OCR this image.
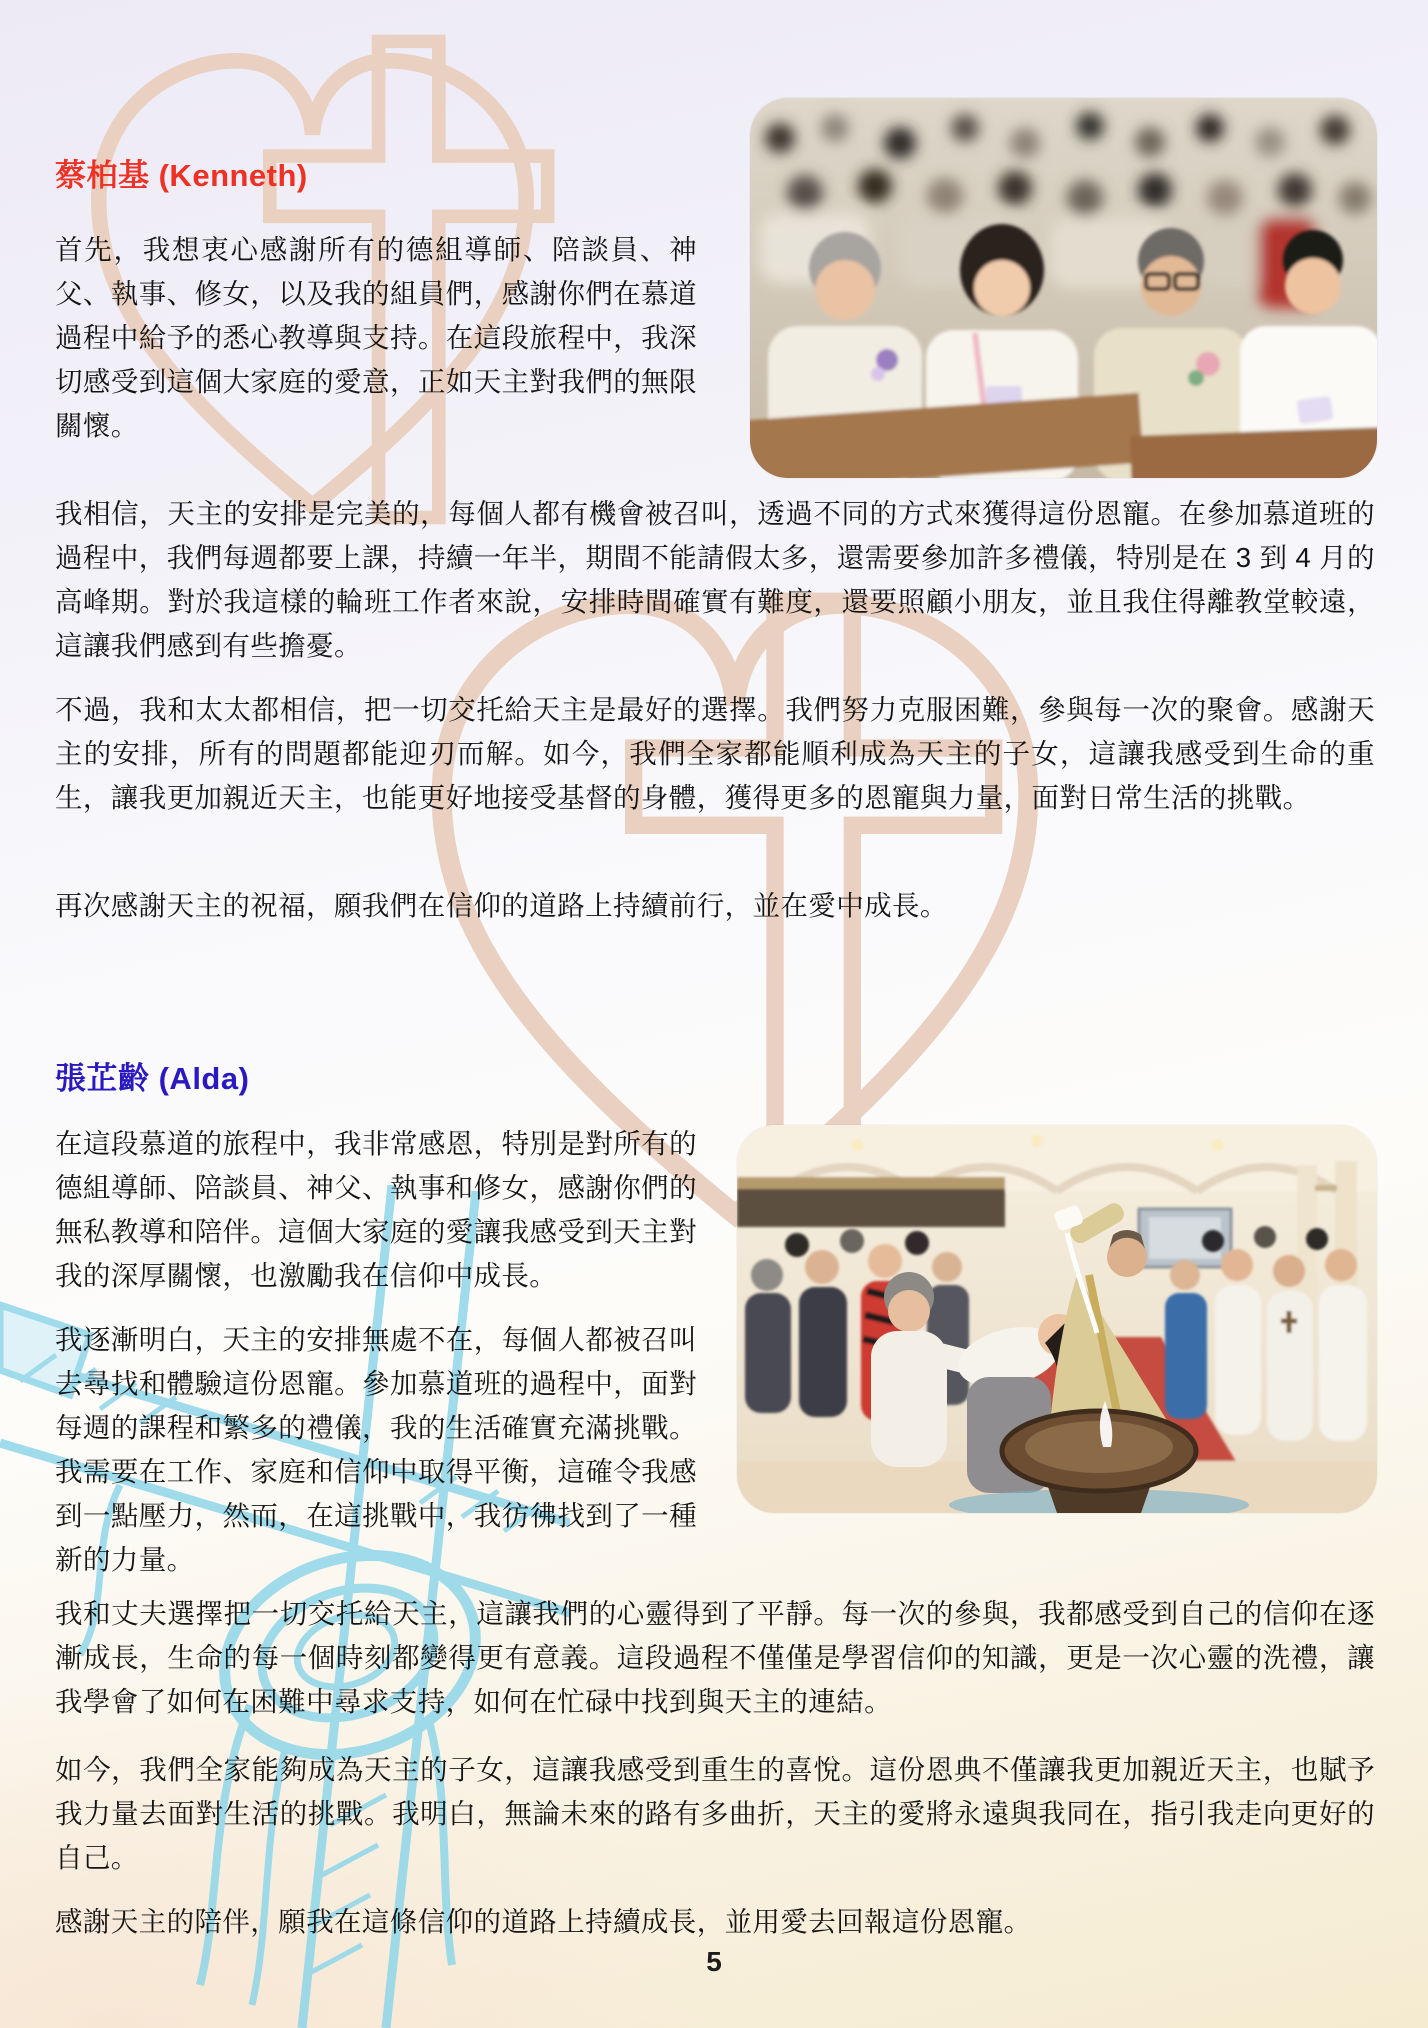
蔡柏基 (Kenneth)

首先，我想衷心感謝所有的德組導師、陪談員、神父、執事、修女，以及我的組員們，感謝你們在慕道過程中給予的悉心教導與支持。在這段旅程中，我深切感受到這個大家庭的愛意，正如天主對我們的無限關懷。

我相信，天主的安排是完美的，每個人都有機會被召叫，透過不同的方式來獲得這份恩寵。在參加慕道班的過程中，我們每週都要上課，持續一年半，期間不能請假太多，還需要參加許多禮儀，特別是在 3 到 4 月的高峰期。對於我這樣的輪班工作者來說，安排時間確實有難度，還要照顧小朋友，並且我住得離教堂較遠，這讓我們感到有些擔憂。

不過，我和太太都相信，把一切交托給天主是最好的選擇。我們努力克服困難，參與每一次的聚會。感謝天主的安排，所有的問題都能迎刃而解。如今，我們全家都能順利成為天主的子女，這讓我感受到生命的重生，讓我更加親近天主，也能更好地接受基督的身體，獲得更多的恩寵與力量，面對日常生活的挑戰。

再次感謝天主的祝福，願我們在信仰的道路上持續前行，並在愛中成長。

張芷齡 (Alda)

在這段慕道的旅程中，我非常感恩，特別是對所有的德組導師、陪談員、神父、執事和修女，感謝你們的無私教導和陪伴。這個大家庭的愛讓我感受到天主對我的深厚關懷，也激勵我在信仰中成長。

我逐漸明白，天主的安排無處不在，每個人都被召叫去尋找和體驗這份恩寵。參加慕道班的過程中，面對每週的課程和繁多的禮儀，我的生活確實充滿挑戰。我需要在工作、家庭和信仰中取得平衡，這確令我感到一點壓力，然而，在這挑戰中，我彷彿找到了一種新的力量。

我和丈夫選擇把一切交托給天主，這讓我們的心靈得到了平靜。每一次的參與，我都感受到自己的信仰在逐漸成長，生命的每一個時刻都變得更有意義。這段過程不僅僅是學習信仰的知識，更是一次心靈的洗禮，讓我學會了如何在困難中尋求支持，如何在忙碌中找到與天主的連結。

如今，我們全家能夠成為天主的子女，這讓我感受到重生的喜悅。這份恩典不僅讓我更加親近天主，也賦予我力量去面對生活的挑戰。我明白，無論未來的路有多曲折，天主的愛將永遠與我同在，指引我走向更好的自己。

感謝天主的陪伴，願我在這條信仰的道路上持續成長，並用愛去回報這份恩寵。

5
